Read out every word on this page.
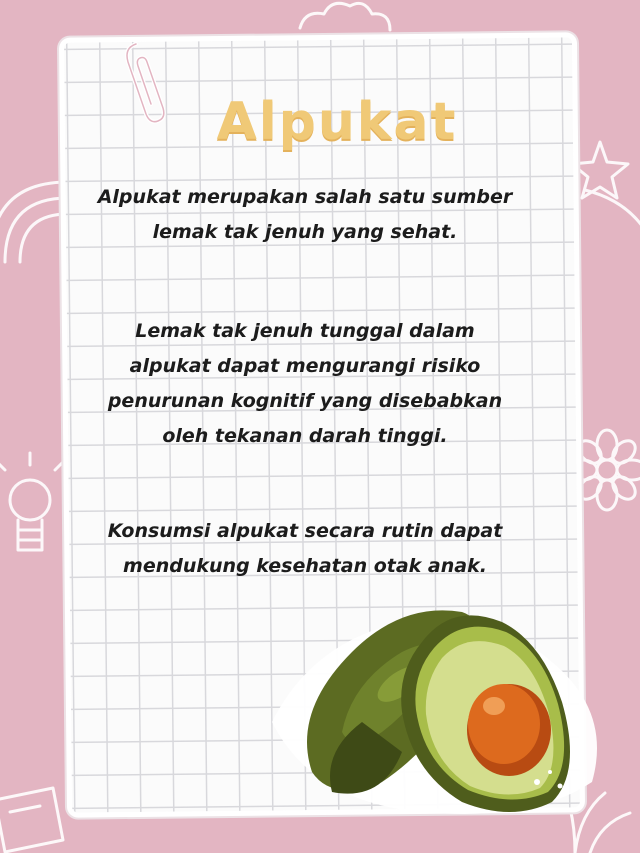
Alpukat

Alpukat merupakan salah satu sumber lemak tak jenuh yang sehat.

Lemak tak jenuh tunggal dalam alpukat dapat mengurangi risiko penurunan kognitif yang disebabkan oleh tekanan darah tinggi.

Konsumsi alpukat secara rutin dapat mendukung kesehatan otak anak.
